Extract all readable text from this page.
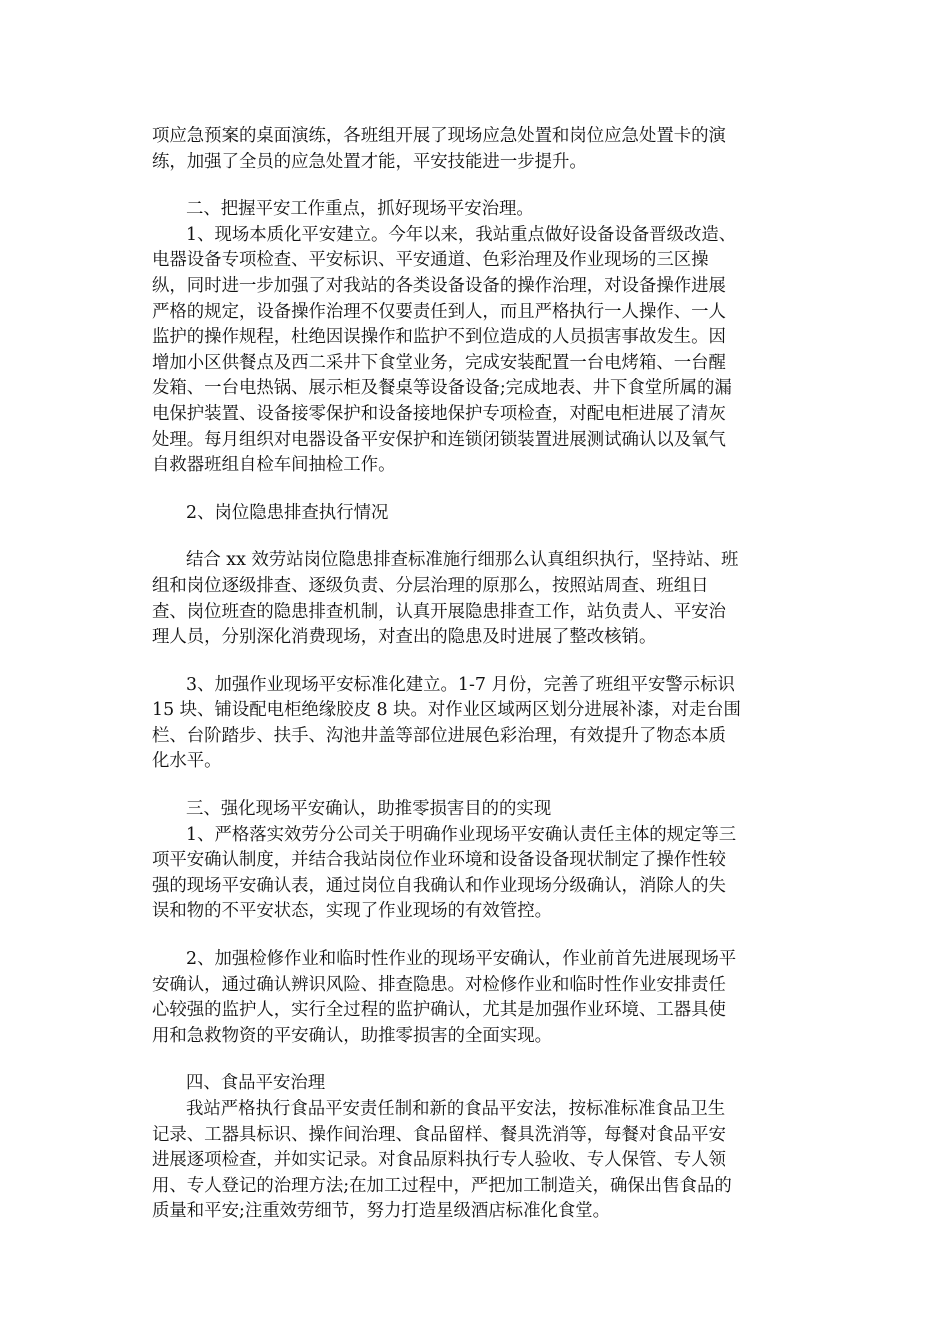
项应急预案的桌面演练，各班组开展了现场应急处置和岗位应急处置卡的演
练，加强了全员的应急处置才能，平安技能进一步提升。

二、把握平安工作重点，抓好现场平安治理。

1、现场本质化平安建立。今年以来，我站重点做好设备设备晋级改造、
电器设备专项检查、平安标识、平安通道、色彩治理及作业现场的三区操
纵，同时进一步加强了对我站的各类设备设备的操作治理，对设备操作进展
严格的规定，设备操作治理不仅要责任到人，而且严格执行一人操作、一人
监护的操作规程，杜绝因误操作和监护不到位造成的人员损害事故发生。因
增加小区供餐点及西二采井下食堂业务，完成安装配置一台电烤箱、一台醒
发箱、一台电热锅、展示柜及餐桌等设备设备;完成地表、井下食堂所属的漏
电保护装置、设备接零保护和设备接地保护专项检查，对配电柜进展了清灰
处理。每月组织对电器设备平安保护和连锁闭锁装置进展测试确认以及氧气
自救器班组自检车间抽检工作。

2、岗位隐患排查执行情况

结合 xx 效劳站岗位隐患排查标准施行细那么认真组织执行，坚持站、班
组和岗位逐级排查、逐级负责、分层治理的原那么，按照站周查、班组日
查、岗位班查的隐患排查机制，认真开展隐患排查工作，站负责人、平安治
理人员，分别深化消费现场，对查出的隐患及时进展了整改核销。

3、加强作业现场平安标准化建立。1-7 月份，完善了班组平安警示标识
15 块、铺设配电柜绝缘胶皮 8 块。对作业区域两区划分进展补漆，对走台围
栏、台阶踏步、扶手、沟池井盖等部位进展色彩治理，有效提升了物态本质
化水平。

三、强化现场平安确认，助推零损害目的的实现

1、严格落实效劳分公司关于明确作业现场平安确认责任主体的规定等三
项平安确认制度，并结合我站岗位作业环境和设备设备现状制定了操作性较
强的现场平安确认表，通过岗位自我确认和作业现场分级确认，消除人的失
误和物的不平安状态，实现了作业现场的有效管控。

2、加强检修作业和临时性作业的现场平安确认，作业前首先进展现场平
安确认，通过确认辨识风险、排查隐患。对检修作业和临时性作业安排责任
心较强的监护人，实行全过程的监护确认，尤其是加强作业环境、工器具使
用和急救物资的平安确认，助推零损害的全面实现。

四、食品平安治理

我站严格执行食品平安责任制和新的食品平安法，按标准标准食品卫生
记录、工器具标识、操作间治理、食品留样、餐具洗消等，每餐对食品平安
进展逐项检查，并如实记录。对食品原料执行专人验收、专人保管、专人领
用、专人登记的治理方法;在加工过程中，严把加工制造关，确保出售食品的
质量和平安;注重效劳细节，努力打造星级酒店标准化食堂。
